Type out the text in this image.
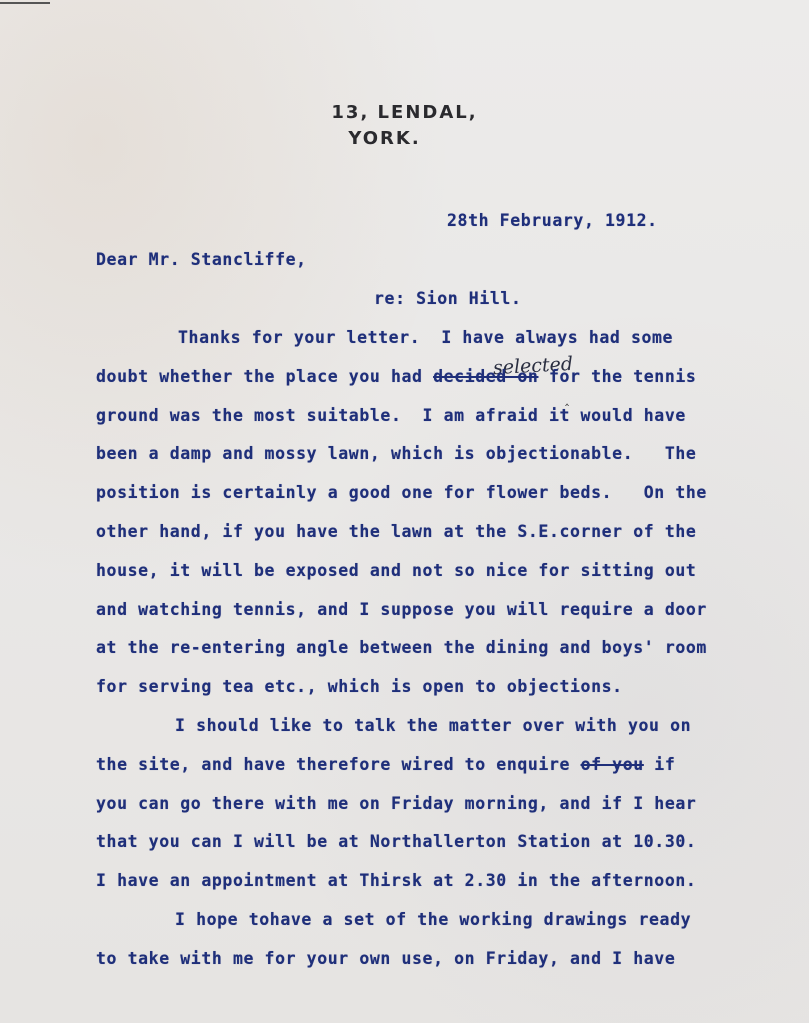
13, LENDAL,
YORK.
28th February, 1912.
Dear Mr. Stancliffe,
re: Sion Hill.
selected
‸
Thanks for your letter.  I have always had some
doubt whether the place you had decided on for the tennis
ground was the most suitable.  I am afraid it would have
been a damp and mossy lawn, which is objectionable.   The
position is certainly a good one for flower beds.   On the
other hand, if you have the lawn at the S.E.corner of the
house, it will be exposed and not so nice for sitting out
and watching tennis, and I suppose you will require a door
at the re-entering angle between the dining and boys' room
for serving tea etc., which is open to objections.
I should like to talk the matter over with you on
the site, and have therefore wired to enquire of you if
you can go there with me on Friday morning, and if I hear
that you can I will be at Northallerton Station at 10.30.
I have an appointment at Thirsk at 2.30 in the afternoon.
I hope tohave a set of the working drawings ready
to take with me for your own use, on Friday, and I have
